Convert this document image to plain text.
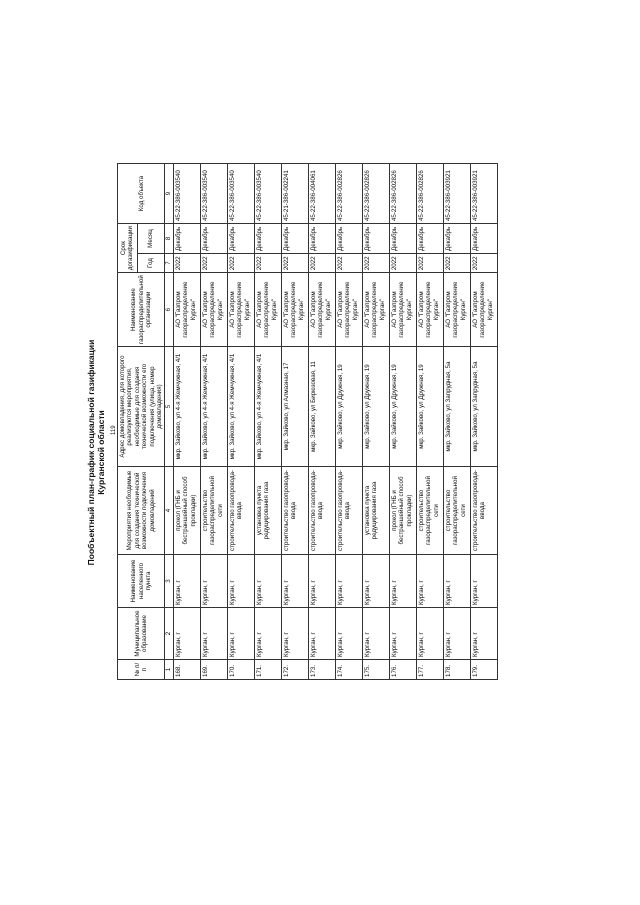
119
Пообъектный план-график социальной газификации Курганской области
№ п/п	Муниципальное образование	Наименование населенного пункта	Мероприятия необходимые для создания технической возможности подключения домовладений	Адрес домовладения, для которого реализуются мероприятия, необходимые для создания технической возможности его подключения (улица, номер домовладения)	Наименование газораспределительной организации	Срок догазификации		Код объекта
						Год	Месяц	
1	2	3	4	5	6	7	8	9
168.	Курган, г	Курган, г	прокол (ГНБ и бестраншейный способ прокладки)	мкр. Зайково, ул 4-я Жемчужная, 4/1	АО "Газпром газораспределение Курган"	2022	Декабрь	45-22-386-003540
169.	Курган, г	Курган, г	строительство газораспределительной сети	мкр. Зайково, ул 4-я Жемчужная, 4/1	АО "Газпром газораспределение Курган"	2022	Декабрь	45-22-386-003540
170.	Курган, г	Курган, г	строительство газопровода-ввода	мкр. Зайково, ул 4-я Жемчужная, 4/1	АО "Газпром газораспределение Курган"	2022	Декабрь	45-22-386-003540
171.	Курган, г	Курган, г	установка пункта редуцирования газа	мкр. Зайково, ул 4-я Жемчужная, 4/1	АО "Газпром газораспределение Курган"	2022	Декабрь	45-22-386-003540
172.	Курган, г	Курган, г	строительство газопровода-ввода	мкр. Зайково, ул Алмазная, 17	АО "Газпром газораспределение Курган"	2022	Декабрь	45-21-386-002241
173.	Курган, г	Курган, г	строительство газопровода-ввода	мкр. Зайково, ул Бирюзовая, 11	АО "Газпром газораспределение Курган"	2022	Декабрь	45-22-386-004061
174.	Курган, г	Курган, г	строительство газопровода-ввода	мкр. Зайково, ул Дружная, 19	АО "Газпром газораспределение Курган"	2022	Декабрь	45-22-386-002826
175.	Курган, г	Курган, г	установка пункта редуцирования газа	мкр. Зайково, ул Дружная, 19	АО "Газпром газораспределение Курган"	2022	Декабрь	45-22-386-002826
176.	Курган, г	Курган, г	прокол (ГНБ и бестраншейный способ прокладки)	мкр. Зайково, ул Дружная, 19	АО "Газпром газораспределение Курган"	2022	Декабрь	45-22-386-002826
177.	Курган, г	Курган, г	строительство газораспределительной сети	мкр. Зайково, ул Дружная, 19	АО "Газпром газораспределение Курган"	2022	Декабрь	45-22-386-002826
178.	Курган, г	Курган, г	строительство газораспределительной сети	мкр. Зайково, ул Запрудная, 5а	АО "Газпром газораспределение Курган"	2022	Декабрь	45-22-386-003921
179.	Курган, г	Курган, г	строительство газопровода-ввода	мкр. Зайково, ул Запрудная, 5а	АО "Газпром газораспределение Курган"	2022	Декабрь	45-22-386-003921
